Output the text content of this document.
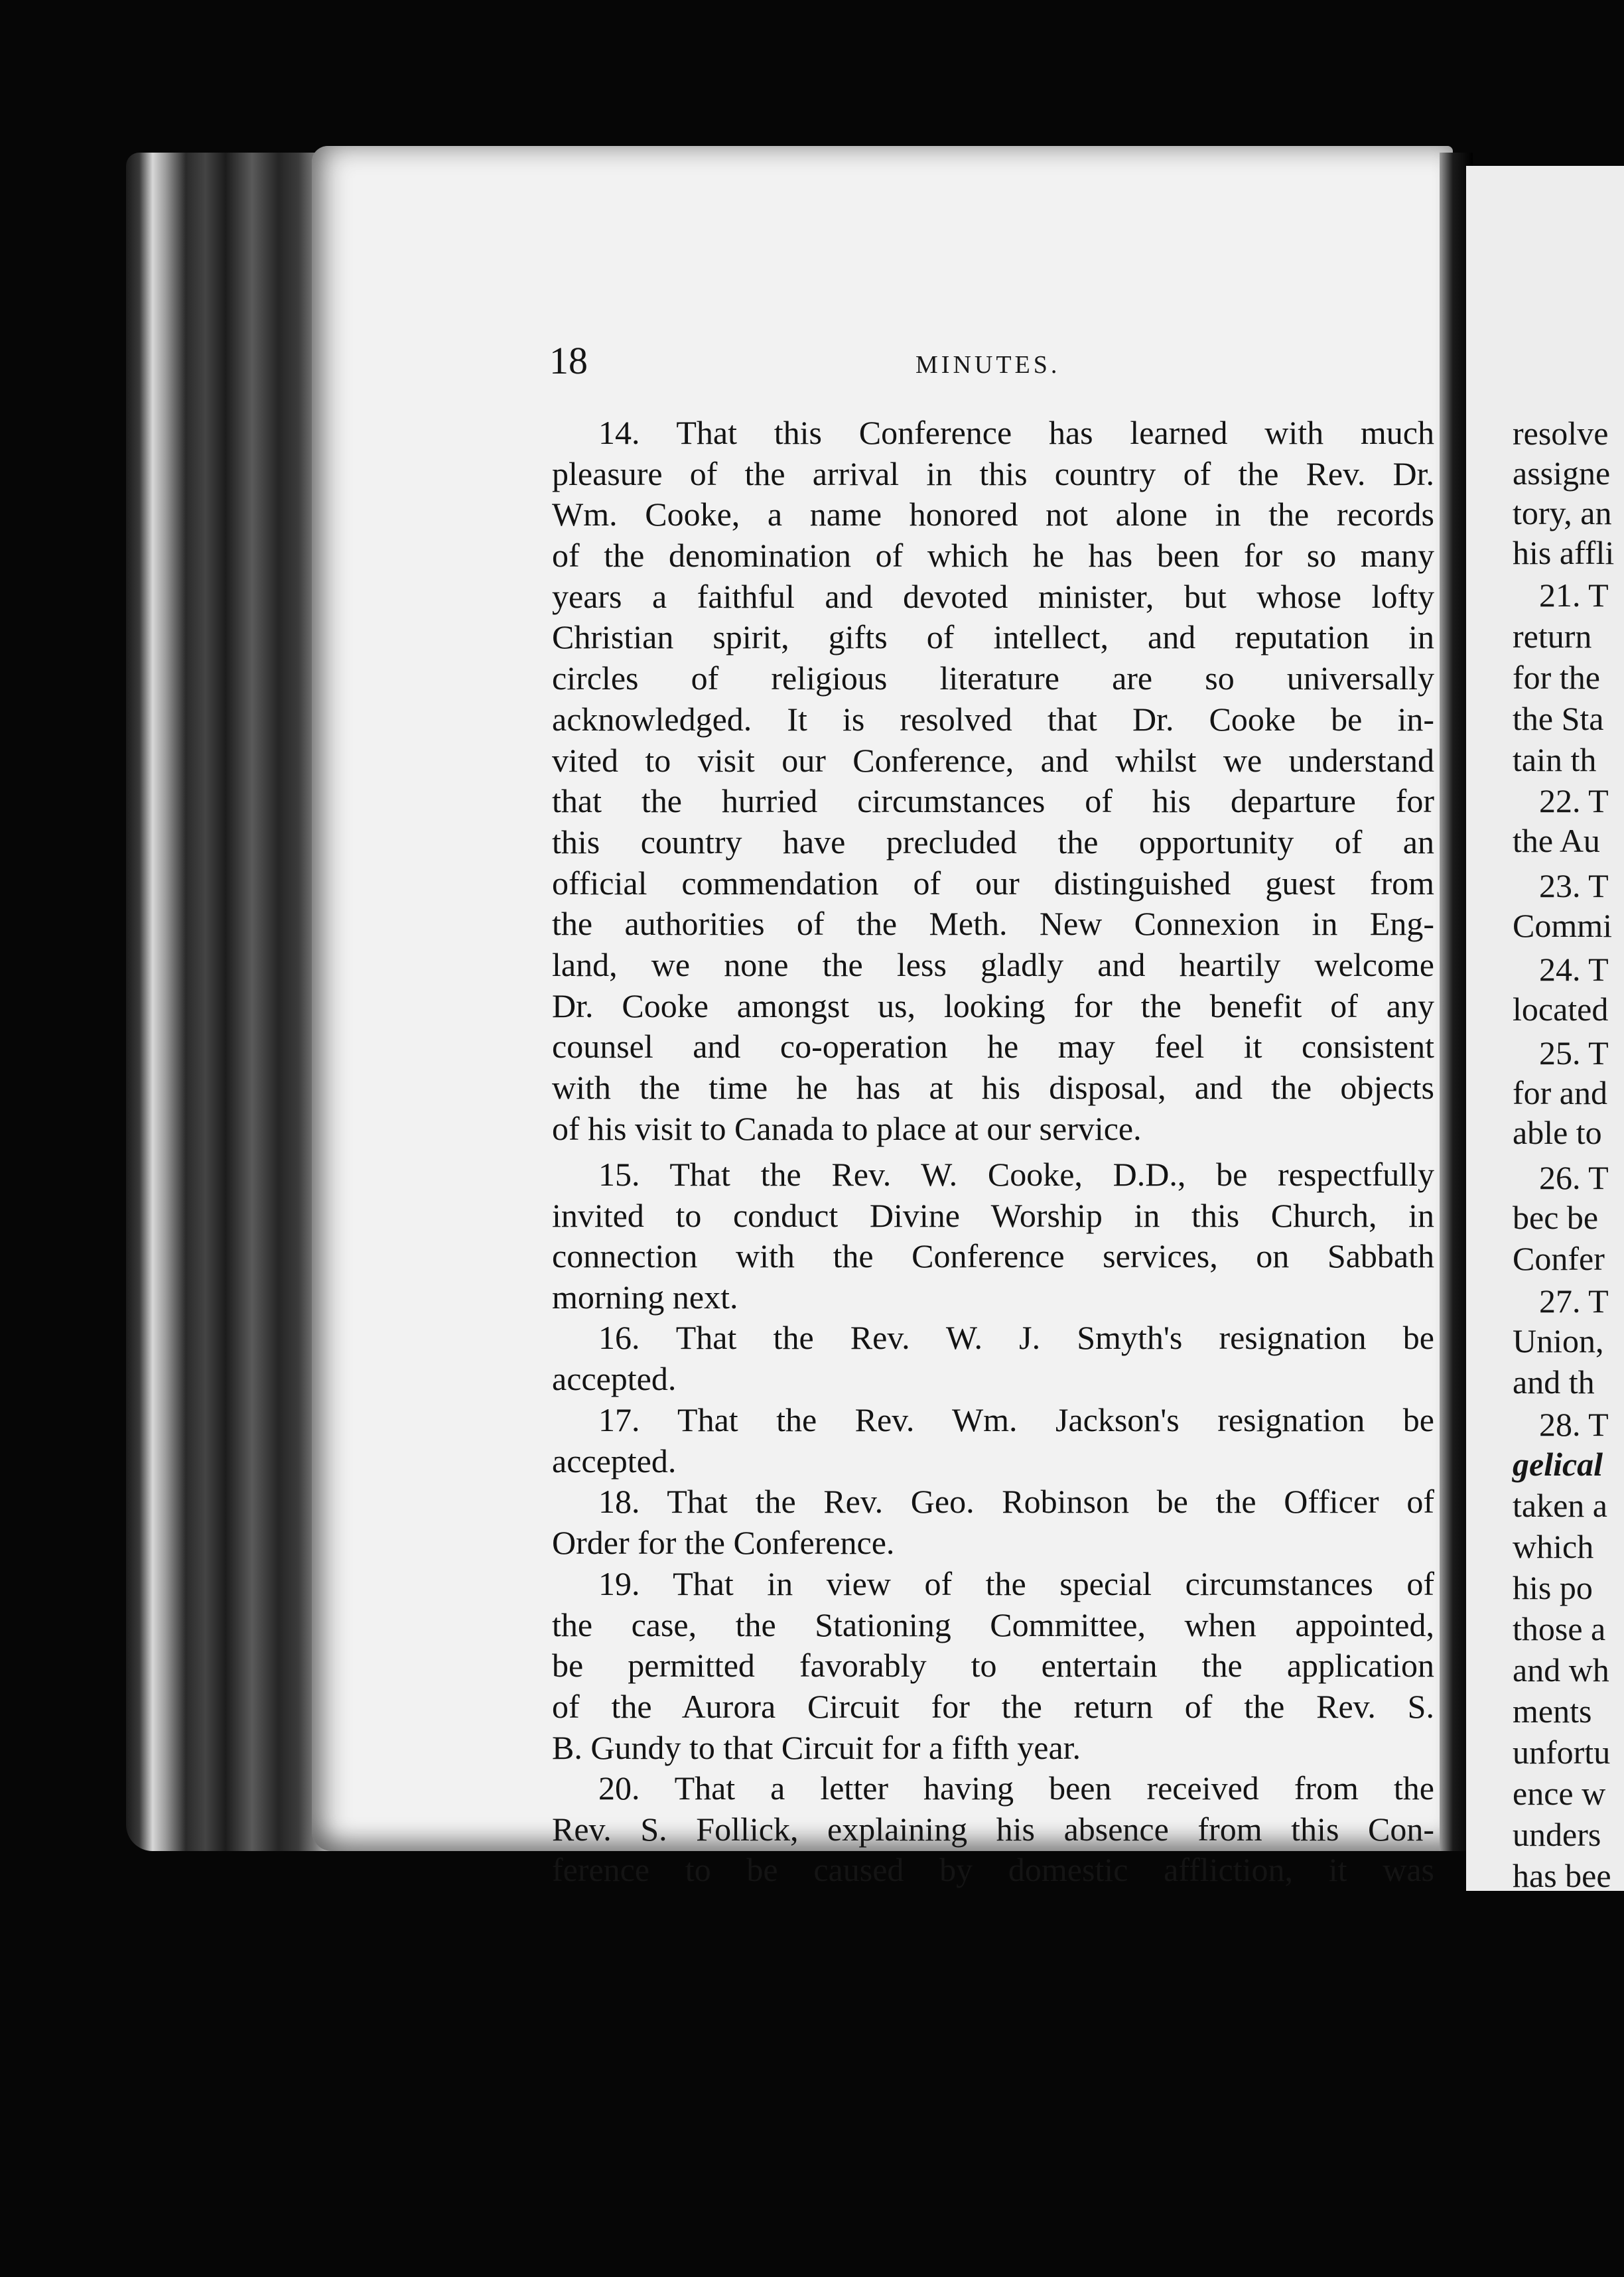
18	MINUTES.
14. That this Conference has learned with much
pleasure of the arrival in this country of the Rev. Dr.
Wm. Cooke, a name honored not alone in the records
of the denomination of which he has been for so many
years a faithful and devoted minister, but whose lofty
Christian spirit, gifts of intellect, and reputation in
circles of religious literature are so universally
acknowledged. It is resolved that Dr. Cooke be in-
vited to visit our Conference, and whilst we understand
that the hurried circumstances of his departure for
this country have precluded the opportunity of an
official commendation of our distinguished guest from
the authorities of the Meth. New Connexion in Eng-
land, we none the less gladly and heartily welcome
Dr. Cooke amongst us, looking for the benefit of any
counsel and co-operation he may feel it consistent
with the time he has at his disposal, and the objects
of his visit to Canada to place at our service.
15. That the Rev. W. Cooke, D.D., be respectfully
invited to conduct Divine Worship in this Church, in
connection with the Conference services, on Sabbath
morning next.
16. That the Rev. W. J. Smyth's resignation be
accepted.
17. That the Rev. Wm. Jackson's resignation be
accepted.
18. That the Rev. Geo. Robinson be the Officer of
Order for the Conference.
19. That in view of the special circumstances of
the case, the Stationing Committee, when appointed,
be permitted favorably to entertain the application
of the Aurora Circuit for the return of the Rev. S.
B. Gundy to that Circuit for a fifth year.
20. That a letter having been received from the
Rev. S. Follick, explaining his absence from this Con-
ference to be caused by domestic affliction, it was
resolve
assigne
tory, an
his affli
21. T
return
for the
the Sta
tain th
22. T
the Au
23. T
Commi
24. T
located
25. T
for and
able to
26. T
bec be
Confer
27. T
Union,
and th
28. T
gelical
taken a
which
his po
those a
and wh
ments
unfortu
ence w
unders
has bee
